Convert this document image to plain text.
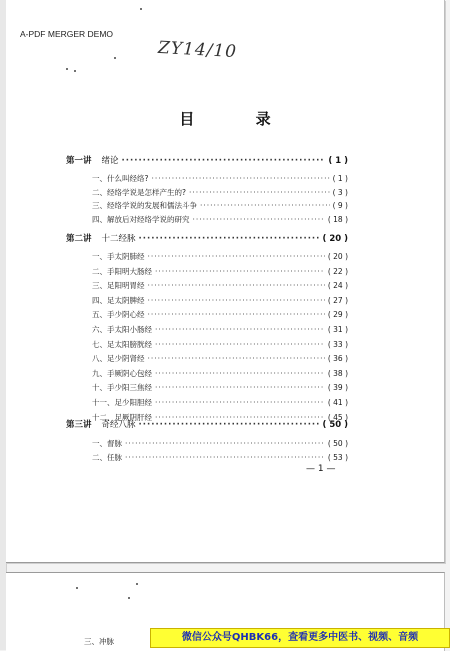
A-PDF MERGER DEMO
ZY14/10
目 录
第一讲 绪论 ·····	( 1 )
一、什么叫经络? ·····	( 1 )
二、经络学说是怎样产生的? ·····	( 3 )
三、经络学说的发展和儒法斗争 ·····	( 9 )
四、解放后对经络学说的研究 ·····	( 18 )
第二讲 十二经脉 ·····	( 20 )
一、手太阴肺经 ·····	( 20 )
二、手阳明大肠经 ·····	( 22 )
三、足阳明胃经 ·····	( 24 )
四、足太阴脾经 ·····	( 27 )
五、手少阴心经 ·····	( 29 )
六、手太阳小肠经 ·····	( 31 )
七、足太阳膀胱经 ·····	( 33 )
八、足少阴肾经 ·····	( 36 )
九、手厥阴心包经 ·····	( 38 )
十、手少阳三焦经 ·····	( 39 )
十一、足少阳胆经 ·····	( 41 )
十二、足厥阴肝经 ·····	( 45 )
第三讲 奇经八脉 ·····	( 50 )
一、督脉 ·····	( 50 )
二、任脉 ·····	( 53 )
— 1 —
三、冲脉	微信公众号QHBK66，查看更多中医书、视频、音频
